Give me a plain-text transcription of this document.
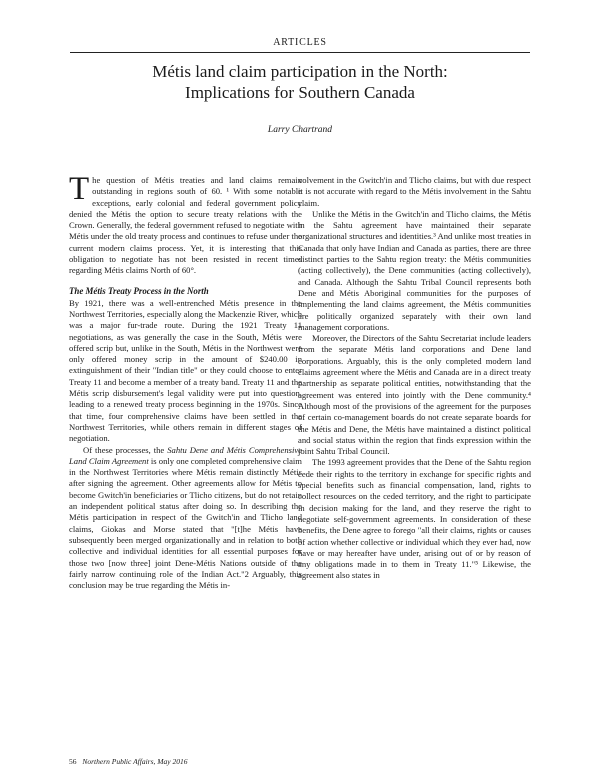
ARTICLES
Métis land claim participation in the North:
Implications for Southern Canada
Larry Chartrand

The question of Métis treaties and land claims remain outstanding in regions south of 60. ¹ With some notable exceptions, early colonial and federal government policy denied the Métis the option to secure treaty relations with the Crown. Generally, the federal government refused to negotiate with Métis under the old treaty process and continues to refuse under the current modern claims process. Yet, it is interesting that this obligation to negotiate has not been resisted in recent times regarding Métis claims North of 60°.

The Métis Treaty Process in the North

By 1921, there was a well-entrenched Métis presence in the Northwest Territories, especially along the Mackenzie River, which was a major fur-trade route. During the 1921 Treaty 11 negotiations, as was generally the case in the South, Métis were offered scrip but, unlike in the South, Métis in the Northwest were only offered money scrip in the amount of $240.00 in extinguishment of their "Indian title" or they could choose to enter Treaty 11 and become a member of a treaty band. Treaty 11 and the Métis scrip disbursement's legal validity were put into question, leading to a renewed treaty process beginning in the 1970s. Since that time, four comprehensive claims have been settled in the Northwest Territories, while others remain in different stages of negotiation.

Of these processes, the Sahtu Dene and Métis Comprehensive Land Claim Agreement is only one completed comprehensive claim in the Northwest Territories where Métis remain distinctly Métis after signing the agreement. Other agreements allow for Métis to become Gwitch'in beneficiaries or Tlicho citizens, but do not retain an independent political status after doing so. In describing the Métis participation in respect of the Gwitch'in and Tlicho land claims, Giokas and Morse stated that "[t]he Métis have subsequently been merged organizationally and in relation to both collective and individual identities for all essential purposes for those two [now three] joint Dene-Métis Nations outside of the fairly narrow continuing role of the Indian Act."2 Arguably, this conclusion may be true regarding the Métis in-

volvement in the Gwitch'in and Tlicho claims, but with due respect it is not accurate with regard to the Métis involvement in the Sahtu claim.

Unlike the Métis in the Gwitch'in and Tlicho claims, the Métis in the Sahtu agreement have maintained their separate organizational structures and identities.³ And unlike most treaties in Canada that only have Indian and Canada as parties, there are three distinct parties to the Sahtu region treaty: the Métis communities (acting collectively), the Dene communities (acting collectively), and Canada. Although the Sahtu Tribal Council represents both Dene and Métis Aboriginal communities for the purposes of implementing the land claims agreement, the Métis communities are politically organized separately with their own land management corporations.

Moreover, the Directors of the Sahtu Secretariat include leaders from the separate Métis land corporations and Dene land corporations. Arguably, this is the only completed modern land claims agreement where the Métis and Canada are in a direct treaty partnership as separate political entities, notwithstanding that the agreement was entered into jointly with the Dene community.⁴ Although most of the provisions of the agreement for the purposes of certain co-management boards do not create separate boards for the Métis and Dene, the Métis have maintained a distinct political and social status within the region that finds expression within the joint Sahtu Tribal Council.

The 1993 agreement provides that the Dene of the Sahtu region cede their rights to the territory in exchange for specific rights and special benefits such as financial compensation, land, rights to collect resources on the ceded territory, and the right to participate in decision making for the land, and they reserve the right to negotiate self-government agreements. In consideration of these benefits, the Dene agree to forego "all their claims, rights or causes of action whether collective or individual which they ever had, now have or may hereafter have under, arising out of or by reason of any obligations made in to them in Treaty 11."⁵ Likewise, the agreement also states in

56 Northern Public Affairs, May 2016
